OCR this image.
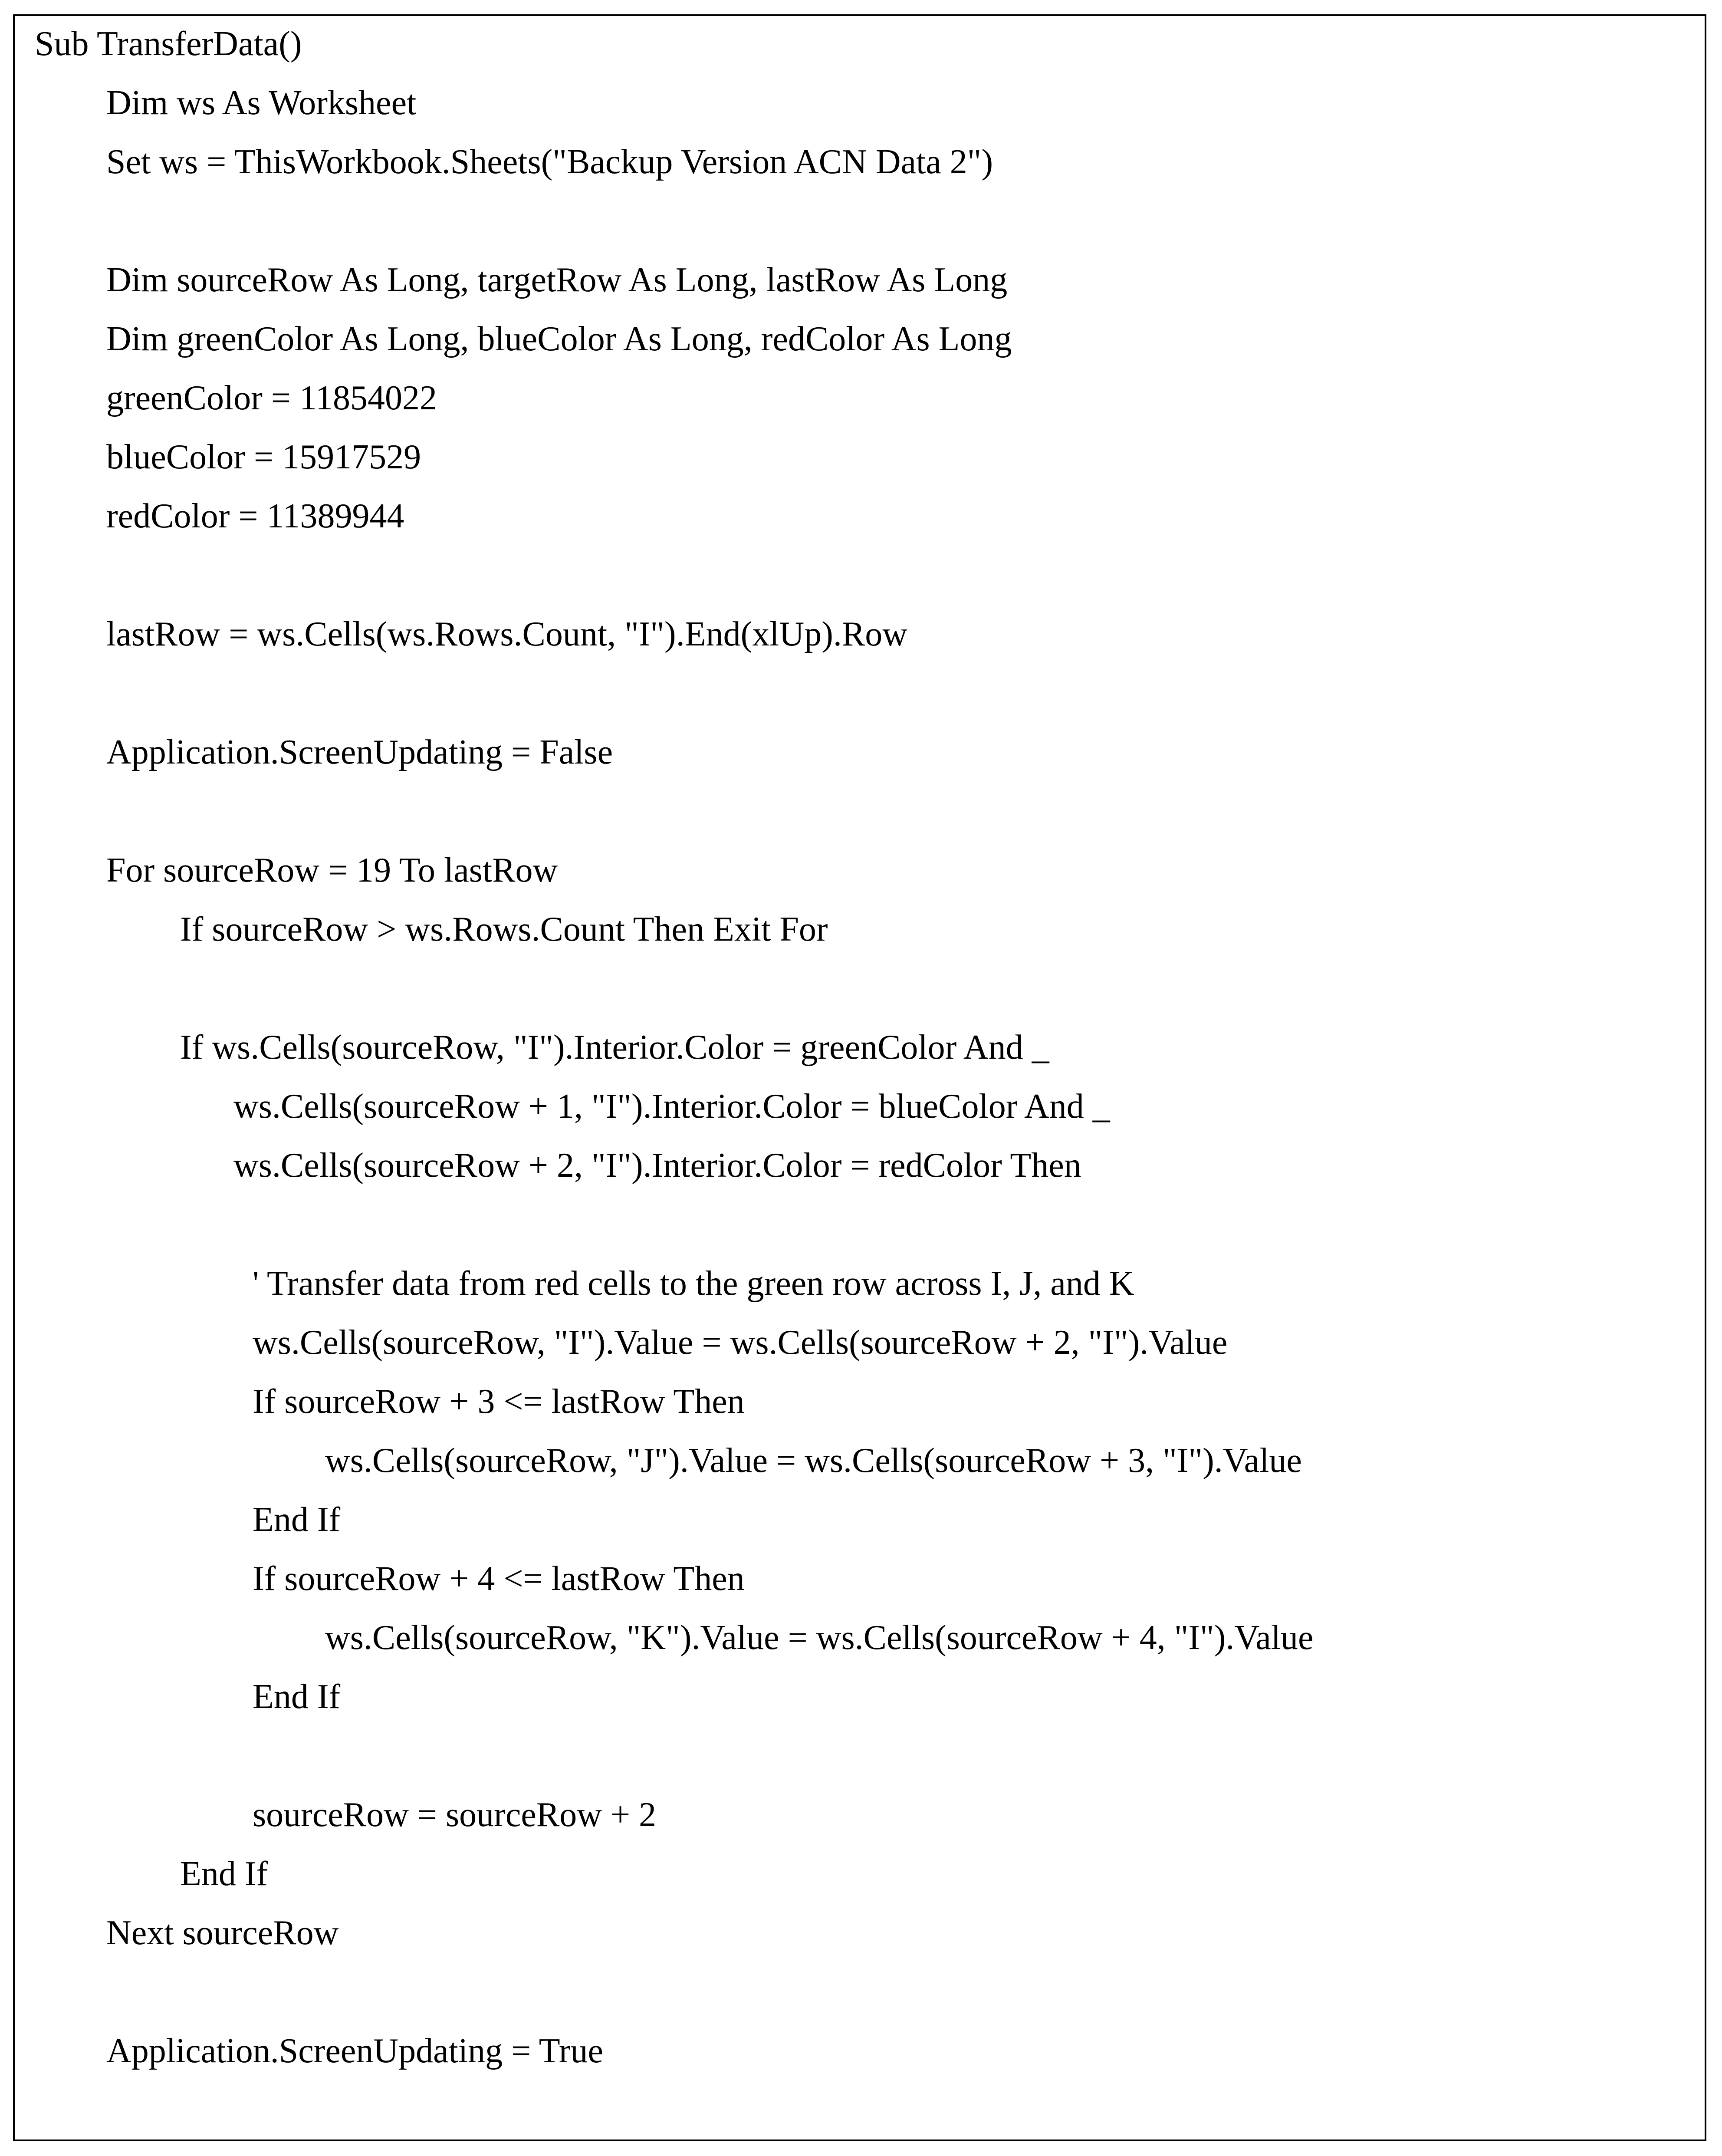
Sub TransferData()
Dim ws As Worksheet
Set ws = ThisWorkbook.Sheets("Backup Version ACN Data 2")
Dim sourceRow As Long, targetRow As Long, lastRow As Long
Dim greenColor As Long, blueColor As Long, redColor As Long
greenColor = 11854022
blueColor = 15917529
redColor = 11389944
lastRow = ws.Cells(ws.Rows.Count, "I").End(xlUp).Row
Application.ScreenUpdating = False
For sourceRow = 19 To lastRow
If sourceRow > ws.Rows.Count Then Exit For
If ws.Cells(sourceRow, "I").Interior.Color = greenColor And _
ws.Cells(sourceRow + 1, "I").Interior.Color = blueColor And _
ws.Cells(sourceRow + 2, "I").Interior.Color = redColor Then
' Transfer data from red cells to the green row across I, J, and K
ws.Cells(sourceRow, "I").Value = ws.Cells(sourceRow + 2, "I").Value
If sourceRow + 3 <= lastRow Then
ws.Cells(sourceRow, "J").Value = ws.Cells(sourceRow + 3, "I").Value
End If
If sourceRow + 4 <= lastRow Then
ws.Cells(sourceRow, "K").Value = ws.Cells(sourceRow + 4, "I").Value
End If
sourceRow = sourceRow + 2
End If
Next sourceRow
Application.ScreenUpdating = True
